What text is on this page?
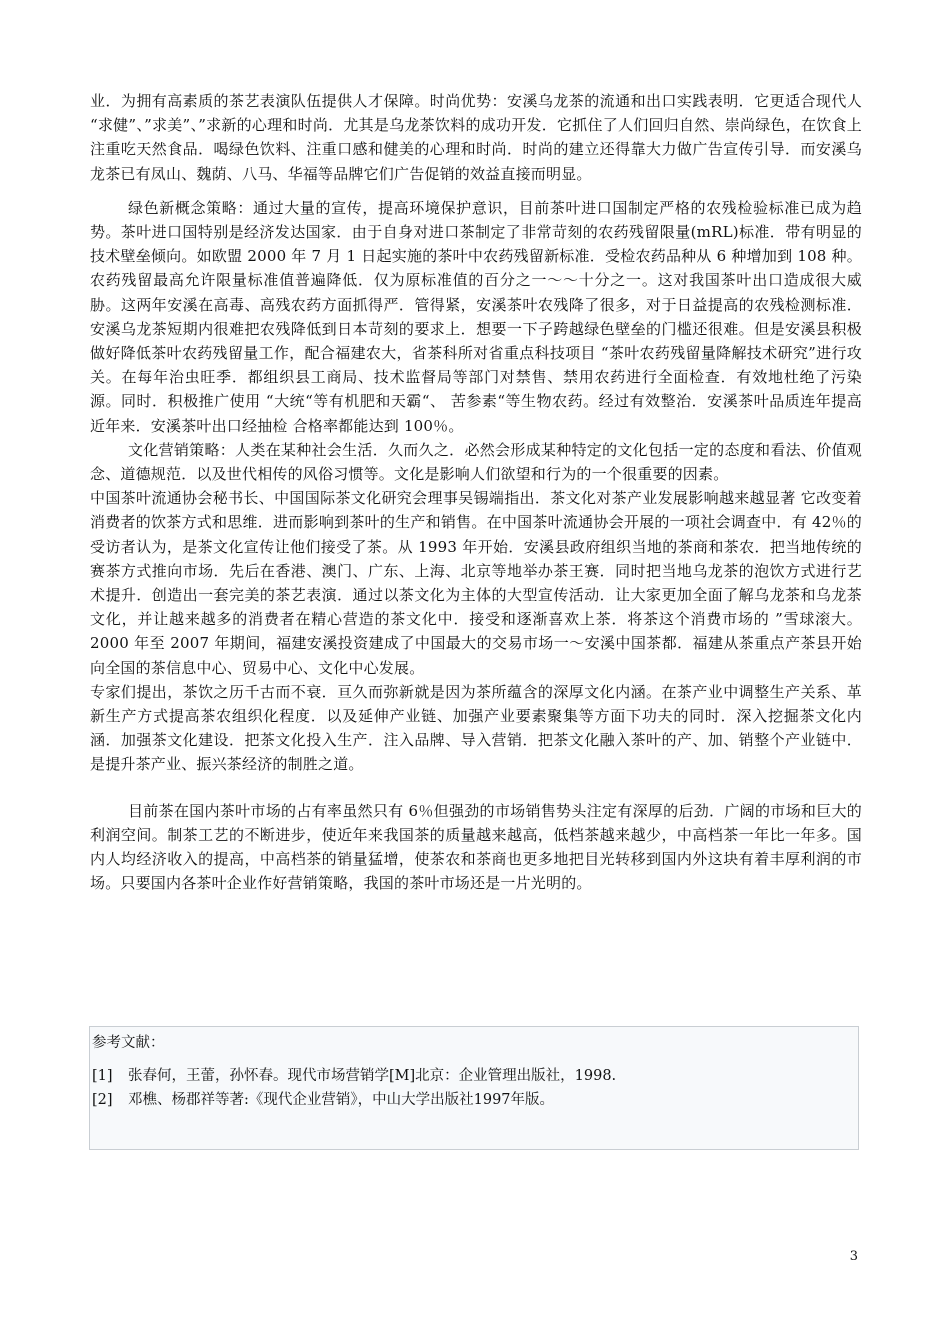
业．为拥有高素质的茶艺表演队伍提供人才保障。时尚优势：安溪乌龙茶的流通和出口实践表明．它更适合现代人 “求健”、”求美”、”求新的心理和时尚．尤其是乌龙茶饮料的成功开发．它抓住了人们回归自然、崇尚绿色，在饮食上注重吃天然食品．喝绿色饮料、注重口感和健美的心理和时尚．时尚的建立还得靠大力做广告宣传引导．而安溪乌龙茶已有凤山、魏荫、八马、华福等品牌它们广告促销的效益直接而明显。

绿色新概念策略：通过大量的宣传，提高环境保护意识，目前茶叶进口国制定严格的农残检验标准已成为趋势。茶叶进口国特别是经济发达国家．由于自身对进口茶制定了非常苛刻的农药残留限量(mRL)标准．带有明显的技术壁垒倾向。如欧盟 2000 年 7 月 1 日起实施的茶叶中农药残留新标准．受检农药品种从 6 种增加到 108 种。农药残留最高允许限量标准值普遍降低．仅为原标准值的百分之一～～十分之一。这对我国茶叶出口造成很大威胁。这两年安溪在高毒、高残农药方面抓得严．管得紧，安溪茶叶农残降了很多，对于日益提高的农残检测标准．安溪乌龙茶短期内很难把农残降低到日本苛刻的要求上．想要一下子跨越绿色壁垒的门槛还很难。但是安溪县积极做好降低茶叶农药残留量工作，配合福建农大，省茶科所对省重点科技项目 “茶叶农药残留量降解技术研究”进行攻关。在每年治虫旺季．都组织县工商局、技术监督局等部门对禁售、禁用农药进行全面检查．有效地杜绝了污染源。同时．积极推广使用 “大统“等有机肥和天霸“、 苦参素“等生物农药。经过有效整治．安溪茶叶品质连年提高 近年来．安溪茶叶出口经抽检 合格率都能达到 100％。

文化营销策略：人类在某种社会生活．久而久之．必然会形成某种特定的文化包括一定的态度和看法、价值观念、道德规范．以及世代相传的风俗习惯等。文化是影响人们欲望和行为的一个很重要的因素。

中国茶叶流通协会秘书长、中国国际茶文化研究会理事吴锡端指出．茶文化对茶产业发展影响越来越显著 它改变着消费者的饮茶方式和思维．进而影响到茶叶的生产和销售。在中国茶叶流通协会开展的一项社会调查中．有 42％的受访者认为，是茶文化宣传让他们接受了茶。从 1993 年开始．安溪县政府组织当地的茶商和茶农．把当地传统的赛茶方式推向市场．先后在香港、澳门、广东、上海、北京等地举办茶王赛．同时把当地乌龙茶的泡饮方式进行艺术提升．创造出一套完美的茶艺表演．通过以茶文化为主体的大型宣传活动．让大家更加全面了解乌龙茶和乌龙茶文化，并让越来越多的消费者在精心营造的茶文化中．接受和逐渐喜欢上茶．将茶这个消费市场的 ”雪球滚大。2000 年至 2007 年期间，福建安溪投资建成了中国最大的交易市场一～安溪中国茶都．福建从茶重点产茶县开始向全国的茶信息中心、贸易中心、文化中心发展。

专家们提出，茶饮之历千古而不衰．亘久而弥新就是因为茶所蕴含的深厚文化内涵。在茶产业中调整生产关系、革新生产方式提高茶农组织化程度．以及延伸产业链、加强产业要素聚集等方面下功夫的同时．深入挖掘茶文化内涵．加强茶文化建设．把茶文化投入生产．注入品牌、导入营销．把茶文化融入茶叶的产、加、销整个产业链中．是提升茶产业、振兴茶经济的制胜之道。

目前茶在国内茶叶市场的占有率虽然只有 6％但强劲的市场销售势头注定有深厚的后劲．广阔的市场和巨大的利润空间。制茶工艺的不断进步，使近年来我国茶的质量越来越高，低档茶越来越少，中高档茶一年比一年多。国内人均经济收入的提高，中高档茶的销量猛增，使茶农和茶商也更多地把目光转移到国内外这块有着丰厚利润的市场。只要国内各茶叶企业作好营销策略，我国的茶叶市场还是一片光明的。

参考文献：

[1] 张春何，王蕾，孙怀春。现代市场营销学[M]北京：企业管理出版社，1998.
[2] 邓樵、杨郡祥等著:《现代企业营销》，中山大学出版社1997年版。
3
